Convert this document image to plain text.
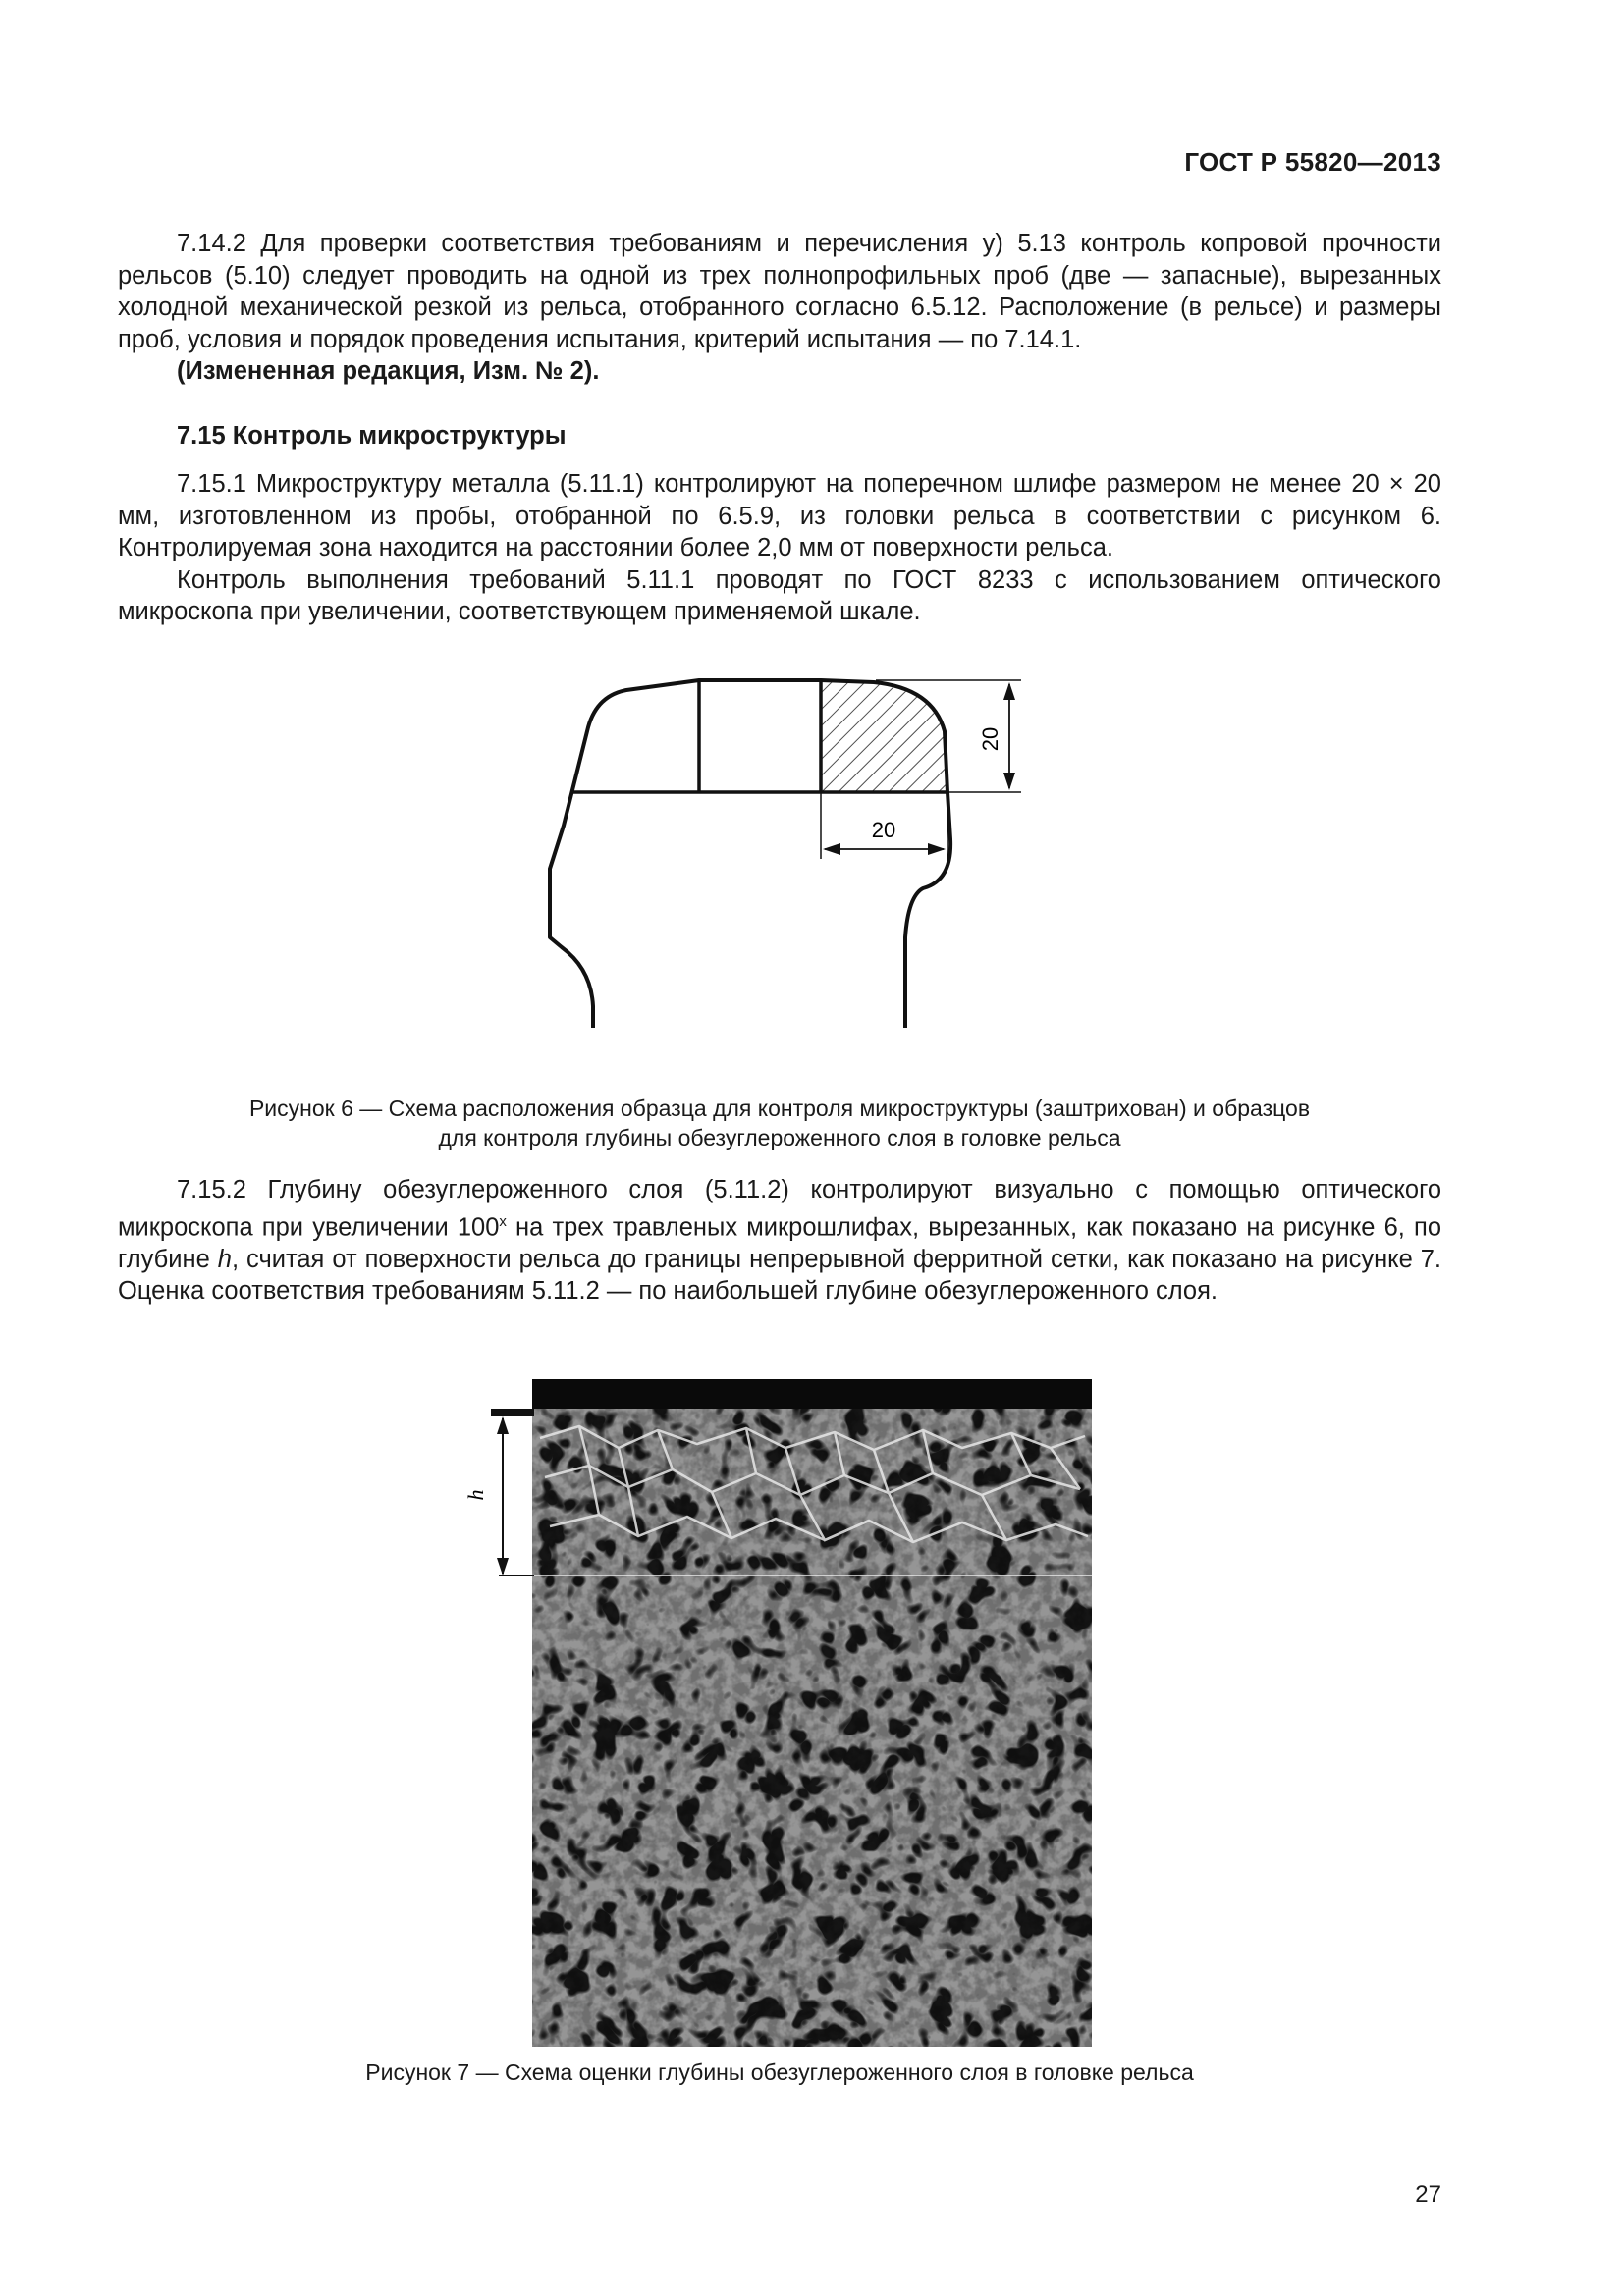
ГОСТ Р 55820—2013

7.14.2 Для проверки соответствия требованиям и перечисления у) 5.13 контроль копровой прочности рельсов (5.10) следует проводить на одной из трех полнопрофильных проб (две — запасные), вырезанных холодной механической резкой из рельса, отобранного согласно 6.5.12. Расположение (в рельсе) и размеры проб, условия и порядок проведения испытания, критерий испытания — по 7.14.1.

(Измененная редакция, Изм. № 2).

7.15 Контроль микроструктуры

7.15.1 Микроструктуру металла (5.11.1) контролируют на поперечном шлифе размером не менее 20 × 20 мм, изготовленном из пробы, отобранной по 6.5.9, из головки рельса в соответствии с рисунком 6. Контролируемая зона находится на расстоянии более 2,0 мм от поверхности рельса.

Контроль выполнения требований 5.11.1 проводят по ГОСТ 8233 с использованием оптического микроскопа при увеличении, соответствующем применяемой шкале.

20
20
Рисунок 6 — Схема расположения образца для контроля микроструктуры (заштрихован) и образцов
для контроля глубины обезуглероженного слоя в головке рельса

7.15.2 Глубину обезуглероженного слоя (5.11.2) контролируют визуально с помощью оптического микроскопа при увеличении $100^х$ на трех травленых микрошлифах, вырезанных, как показано на рисунке 6, по глубине h, считая от поверхности рельса до границы непрерывной ферритной сетки, как показано на рисунке 7. Оценка соответствия требованиям 5.11.2 — по наибольшей глубине обезуглероженного слоя.

h
Рисунок 7 — Схема оценки глубины обезуглероженного слоя в головке рельса
27
